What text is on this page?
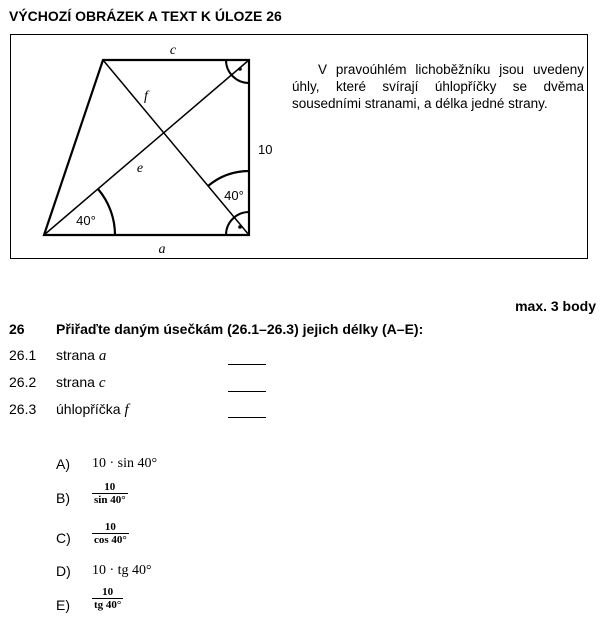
VÝCHOZÍ OBRÁZEK A TEXT K ÚLOZE 26
c
f
e
a
10
40°
40°
V pravoúhlém lichoběžníku jsou uvedeny úhly, které svírají úhlopříčky se dvěma sousedními stranami, a délka jedné strany.
max. 3 body
26 Přiřaďte daným úsečkám (26.1–26.3) jejich délky (A–E):
26.1 strana a
26.2 strana c
26.3 úhlopříčka f
A) 10 · sin 40°
$B) \frac{10}{\sin 40^\circ}$
$C) \frac{10}{\cos 40^\circ}$
D) 10 · tg 40°
$E) \frac{10}{tg 40^\circ}$
